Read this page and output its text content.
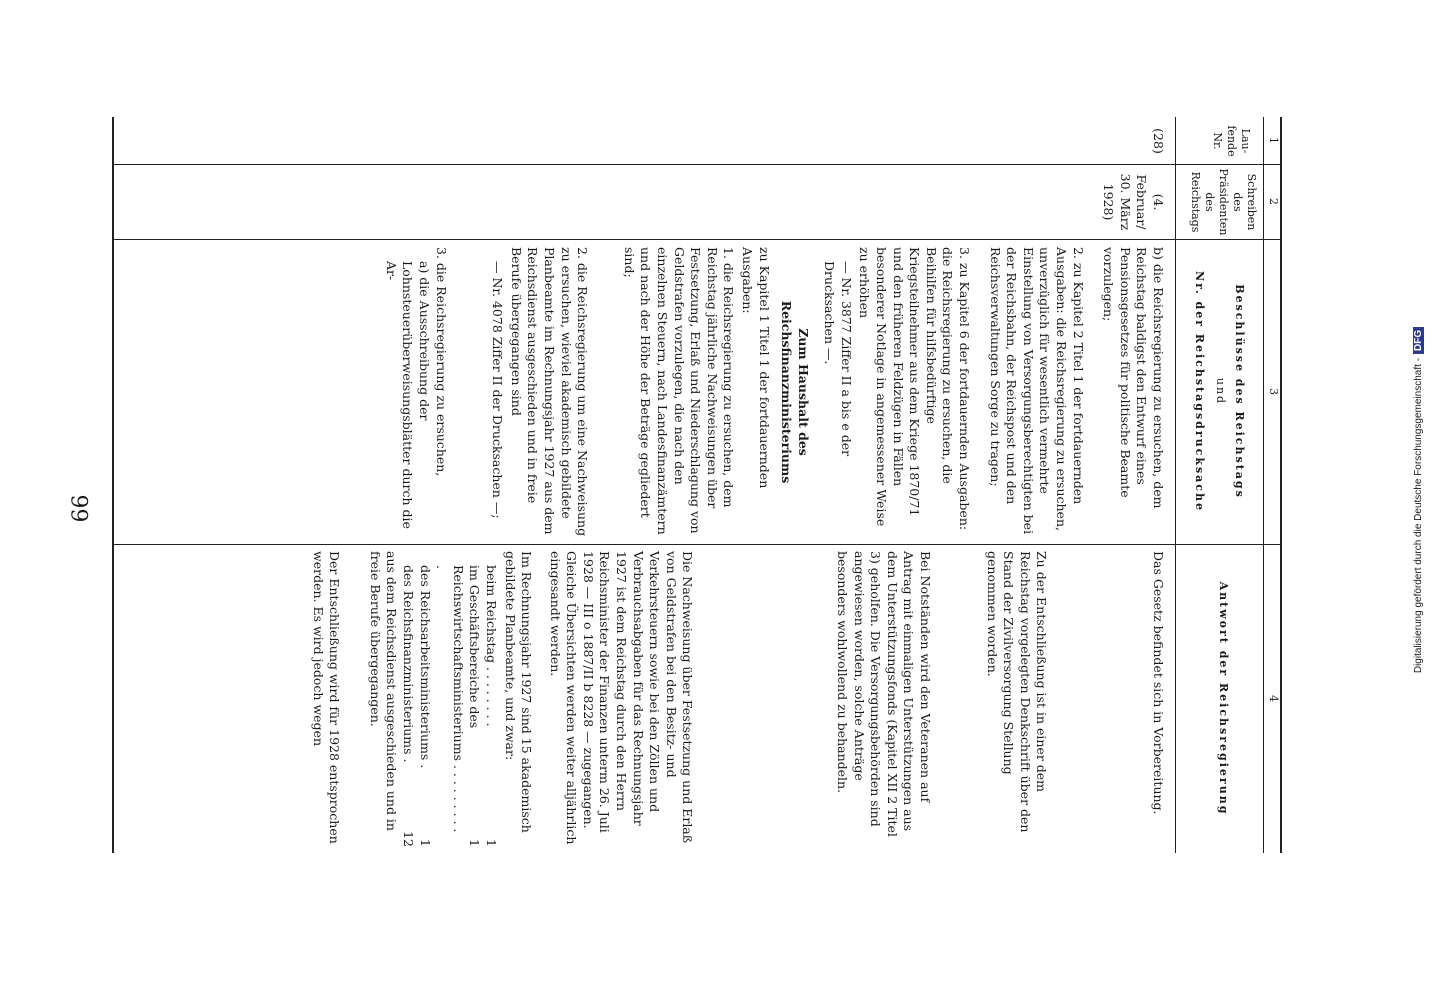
99	Digitalisierung gefördert durch die Deutsche Forschungsgemeinschaft -DFG
1
2
3
4
Lau-fende Nr.
Schreiben des Präsidenten des Reichstags
Beschlüsse des Reichstags
und
Nr. der Reichstagsdrucksache
Antwort der Reichsregierung
(28)
(4. Februar/ 30. März 1928)

b) die Reichsregierung zu ersuchen, dem Reichstag baldigst den Entwurf eines Pensionsgesetzes für politische Beamte vorzulegen;

2. zu Kapitel 2 Titel 1 der fortdauernden Ausgaben: die Reichsregierung zu ersuchen, unverzüglich für wesentlich vermehrte Einstellung von Versorgungsberechtigten bei der Reichsbahn, der Reichspost und den Reichsverwaltungen Sorge zu tragen;

3. zu Kapitel 6 der fortdauernden Ausgaben: die Reichsregierung zu ersuchen, die Beihilfen für hilfsbedürftige Kriegsteilnehmer aus dem Kriege 1870/71 und den früheren Feldzügen in Fällen besonderer Notlage in angemessener Weise zu erhöhen

— Nr. 3877 Ziffer II a bis e der Drucksachen —.

Zum Haushalt des Reichsfinanzministeriums

zu Kapitel 1 Titel 1 der fortdauernden Ausgaben:

1. die Reichsregierung zu ersuchen, dem Reichstag jährliche Nachweisungen über Festsetzung, Erlaß und Niederschlagung von Geldstrafen vorzulegen, die nach den einzelnen Steuern, nach Landesfinanzämtern und nach der Höhe der Beträge gegliedert sind;

2. die Reichsregierung um eine Nachweisung zu ersuchen, wieviel akademisch gebildete Planbeamte im Rechnungsjahr 1927 aus dem Reichsdienst ausgeschieden und in freie Berufe übergegangen sind

— Nr. 4078 Ziffer II der Drucksachen —;

3. die Reichsregierung zu ersuchen,

a) die Ausschreibung der Lohnsteuerüberweisungsblätter durch die Ar-

Das Gesetz befindet sich in Vorbereitung.

Zu der Entschließung ist in einer dem Reichstag vorgelegten Denkschrift über den Stand der Zivilversorgung Stellung genommen worden.

Bei Notständen wird den Veteranen auf Antrag mit einmaligen Unterstützungen aus dem Unterstützungsfonds (Kapitel XII 2 Titel 3) geholfen. Die Versorgungsbehörden sind angewiesen worden, solche Anträge besonders wohlwollend zu behandeln.

Die Nachweisung über Festsetzung und Erlaß von Geldstrafen bei den Besitz- und Verkehrsteuern sowie bei den Zöllen und Verbrauchsabgaben für das Rechnungsjahr 1927 ist dem Reichstag durch den Herrn Reichsminister der Finanzen unterm 26. Juli 1928 — III o 1887/II b 8228 — zugegangen. Gleiche Übersichten werden weiter alljährlich eingesandt werden.

Im Rechnungsjahr 1927 sind 15 akademisch gebildete Planbeamte, und zwar:

beim Reichstag . . . . . . . .
1
im Geschäftsbereiche des Reichswirtschaftsministeriums . . . . . . . . . .
1
des Reichsarbeitsministeriums .
1
des Reichsfinanzministeriums .
12

aus dem Reichsdienst ausgeschieden und in freie Berufe übergegangen.

Der Entschließung wird für 1928 entsprochen werden. Es wird jedoch wegen
